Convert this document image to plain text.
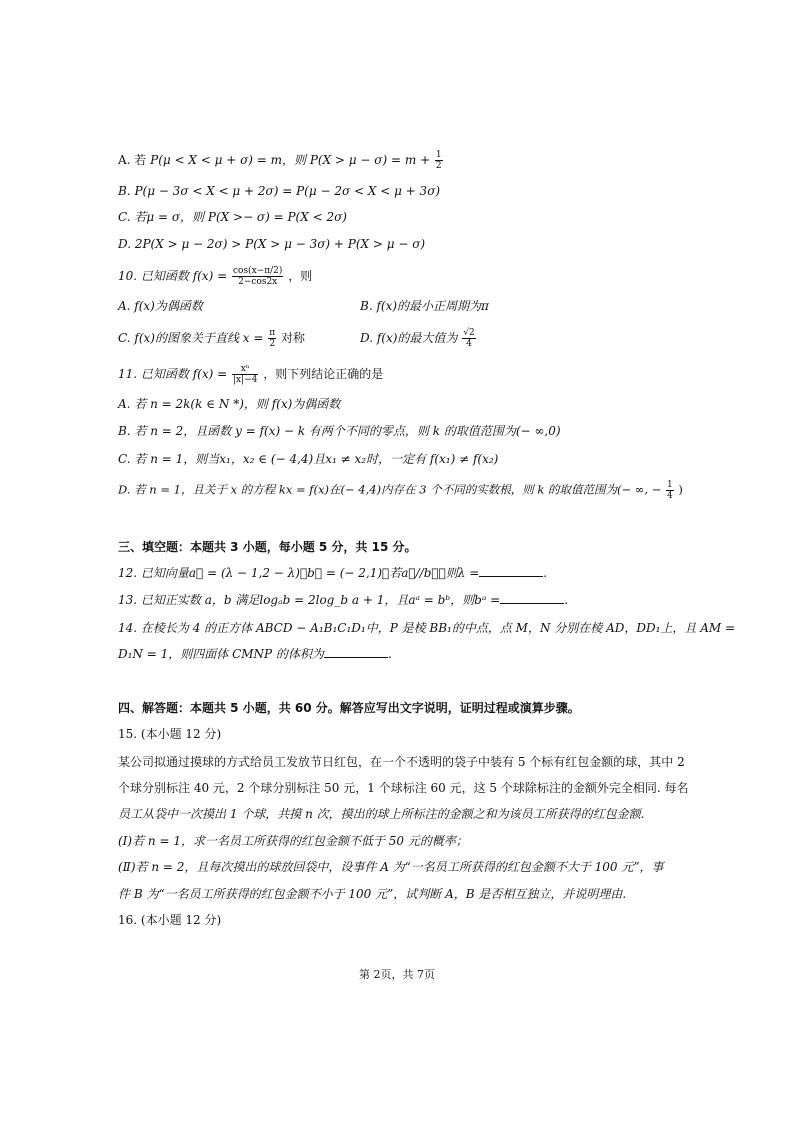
A. 若 P(μ < X < μ + σ) = m，则 $P(X > \mu - \sigma) = m + \frac{1}{2}$
B. P(μ − 3σ < X < μ + 2σ) = P(μ − 2σ < X < μ + 3σ)
C. 若μ = σ，则 P(X >− σ) = P(X < 2σ)
D. 2P(X > μ − 2σ) > P(X > μ − 3σ) + P(X > μ − σ)
10. 已知函数 $f(x) = \frac{\cos(x-\pi/2)}{2-\cos 2x}$ ，则
A. f(x)为偶函数	B. f(x)的最小正周期为π
C. f(x)的图象关于直线 $x = \frac{\pi}{2}$ 对称	D. f(x)的最大值为 $\frac{√2}{4}$
11. 已知函数 $f(x) = \frac{\text{xⁿ}}{|x|-4}$ ，则下列结论正确的是
A. 若 n = 2k(k ∈ N *)，则 f(x)为偶函数
B. 若 n = 2，且函数 y = f(x) − k 有两个不同的零点，则 k 的取值范围为(− ∞,0)
C. 若 n = 1，则当x₁，x₂ ∈ (− 4,4)且x₁ ≠ x₂时，一定有 f(x₁) ≠ f(x₂)
D. 若 n = 1，且关于 x 的方程 kx = f(x)在(− 4,4)内存在 3 个不同的实数根，则 k 的取值范围为(− ∞, − $\frac{1}{4}$ )
三、填空题：本题共 3 小题，每小题 5 分，共 15 分。
12. 已知向量a⃗ = (λ − 1,2 − λ)，b⃗ = (− 2,1)，若a⃗//b⃗，则λ =	.
13. 已知正实数 a，b 满足logₐb = 2log_b a + 1，且aᵃ = bᵇ，则bᵃ =	.
14. 在棱长为 4 的正方体 ABCD − A₁B₁C₁D₁中，P 是棱 BB₁的中点，点 M，N 分别在棱 AD，DD₁上，且 AM =
D₁N = 1，则四面体 CMNP 的体积为	.
四、解答题：本题共 5 小题，共 60 分。解答应写出文字说明，证明过程或演算步骤。
15. (本小题 12 分)
某公司拟通过摸球的方式给员工发放节日红包，在一个不透明的袋子中装有 5 个标有红包金额的球，其中 2
个球分别标注 40 元，2 个球分别标注 50 元，1 个球标注 60 元，这 5 个球除标注的金额外完全相同. 每名
员工从袋中一次摸出 1 个球，共摸 n 次，摸出的球上所标注的金额之和为该员工所获得的红包金额.
(Ⅰ)若 n = 1，求一名员工所获得的红包金额不低于 50 元的概率；
(Ⅱ)若 n = 2，且每次摸出的球放回袋中，设事件 A 为“一名员工所获得的红包金额不大于 100 元”，事
件 B 为“一名员工所获得的红包金额不小于 100 元”，试判断 A，B 是否相互独立，并说明理由.
16. (本小题 12 分)
第 2页，共 7页
